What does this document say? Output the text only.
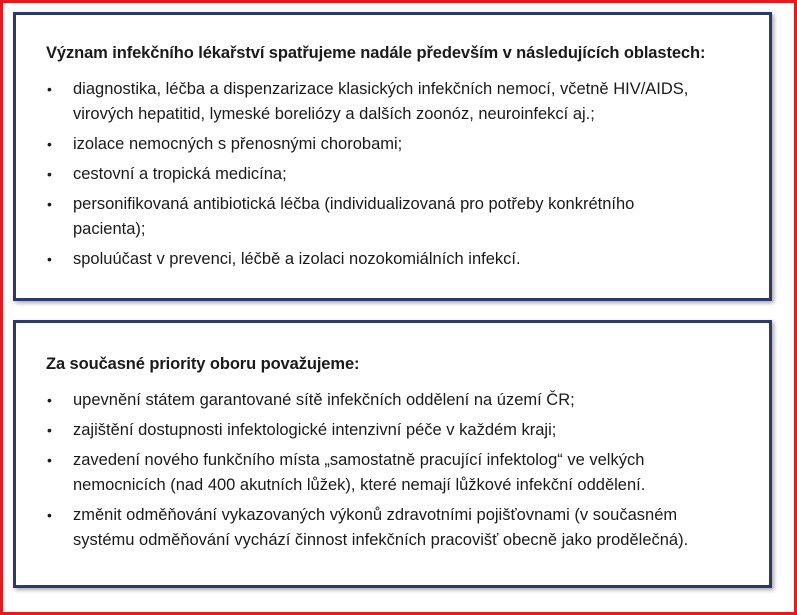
Význam infekčního lékařství spatřujeme nadále především v následujících oblastech:
• diagnostika, léčba a dispenzarizace klasických infekčních nemocí, včetně HIV/AIDS,
virových hepatitid, lymeské boreliózy a dalších zoonóz, neuroinfekcí aj.;
• izolace nemocných s přenosnými chorobami;
• cestovní a tropická medicína;
• personifikovaná antibiotická léčba (individualizovaná pro potřeby konkrétního
pacienta);
• spoluúčast v prevenci, léčbě a izolaci nozokomiálních infekcí.
Za současné priority oboru považujeme:
• upevnění státem garantované sítě infekčních oddělení na území ČR;
• zajištění dostupnosti infektologické intenzivní péče v každém kraji;
• zavedení nového funkčního místa „samostatně pracující infektolog“ ve velkých
nemocnicích (nad 400 akutních lůžek), které nemají lůžkové infekční oddělení.
• změnit odměňování vykazovaných výkonů zdravotními pojišťovnami (v současném
systému odměňování vychází činnost infekčních pracovišť obecně jako prodělečná).
